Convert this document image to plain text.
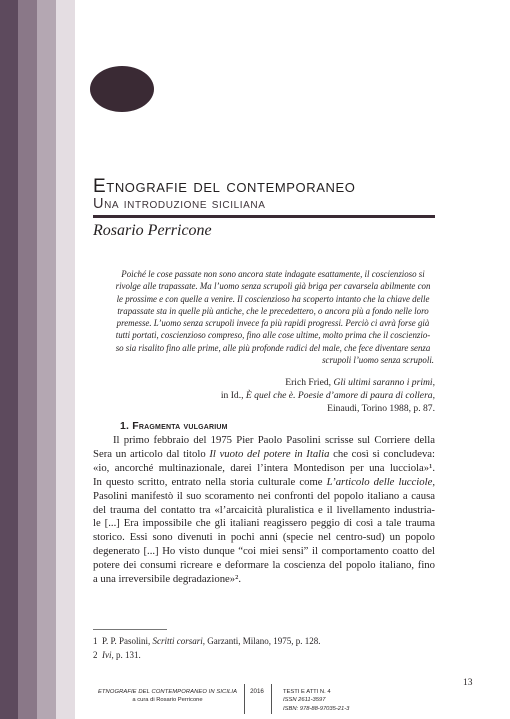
Etnografie del contemporaneo
Una introduzione siciliana
Rosario Perricone

Poiché le cose passate non sono ancora state indagate esattamente, il coscienzioso si
rivolge alle trapassate. Ma l’uomo senza scrupoli già briga per cavarsela abilmente con
le prossime e con quelle a venire. Il coscienzioso ha scoperto intanto che la chiave delle
trapassate sta in quelle più antiche, che le precedettero, o ancora più a fondo nelle loro
premesse. L’uomo senza scrupoli invece fa più rapidi progressi. Perciò ci avrà forse già
tutti portati, coscienzioso compreso, fino alle cose ultime, molto prima che il coscienzio-
so sia risalito fino alle prime, alle più profonde radici del male, che fece diventare senza
scrupoli l’uomo senza scrupoli.

Erich Fried, Gli ultimi saranno i primi,
in Id., È quel che è. Poesie d’amore di paura di collera,
Einaudi, Torino 1988, p. 87.
1. Fragmenta vulgarium
Il primo febbraio del 1975 Pier Paolo Pasolini scrisse sul Corriere della
Sera un articolo dal titolo Il vuoto del potere in Italia che così si concludeva:
«io, ancorché multinazionale, darei l’intera Montedison per una lucciola»¹.
In questo scritto, entrato nella storia culturale come L’articolo delle lucciole,
Pasolini manifestò il suo scoramento nei confronti del popolo italiano a causa
del trauma del contatto tra «l’arcaicità pluralistica e il livellamento industria-
le [...] Era impossibile che gli italiani reagissero peggio di così a tale trauma
storico. Essi sono divenuti in pochi anni (specie nel centro-sud) un popolo
degenerato [...] Ho visto dunque “coi miei sensi” il comportamento coatto del
potere dei consumi ricreare e deformare la coscienza del popolo italiano, fino
a una irreversibile degradazione»².
1 P. P. Pasolini, Scritti corsari, Garzanti, Milano, 1975, p. 128.
2 Ivi, p. 131.
ETNOGRAFIE DEL CONTEMPORANEO IN SICILIA
a cura di Rosario Perricone
2016	TESTI E ATTI N. 4
ISSN 2611-3597
ISBN: 978-88-97035-21-3
13
